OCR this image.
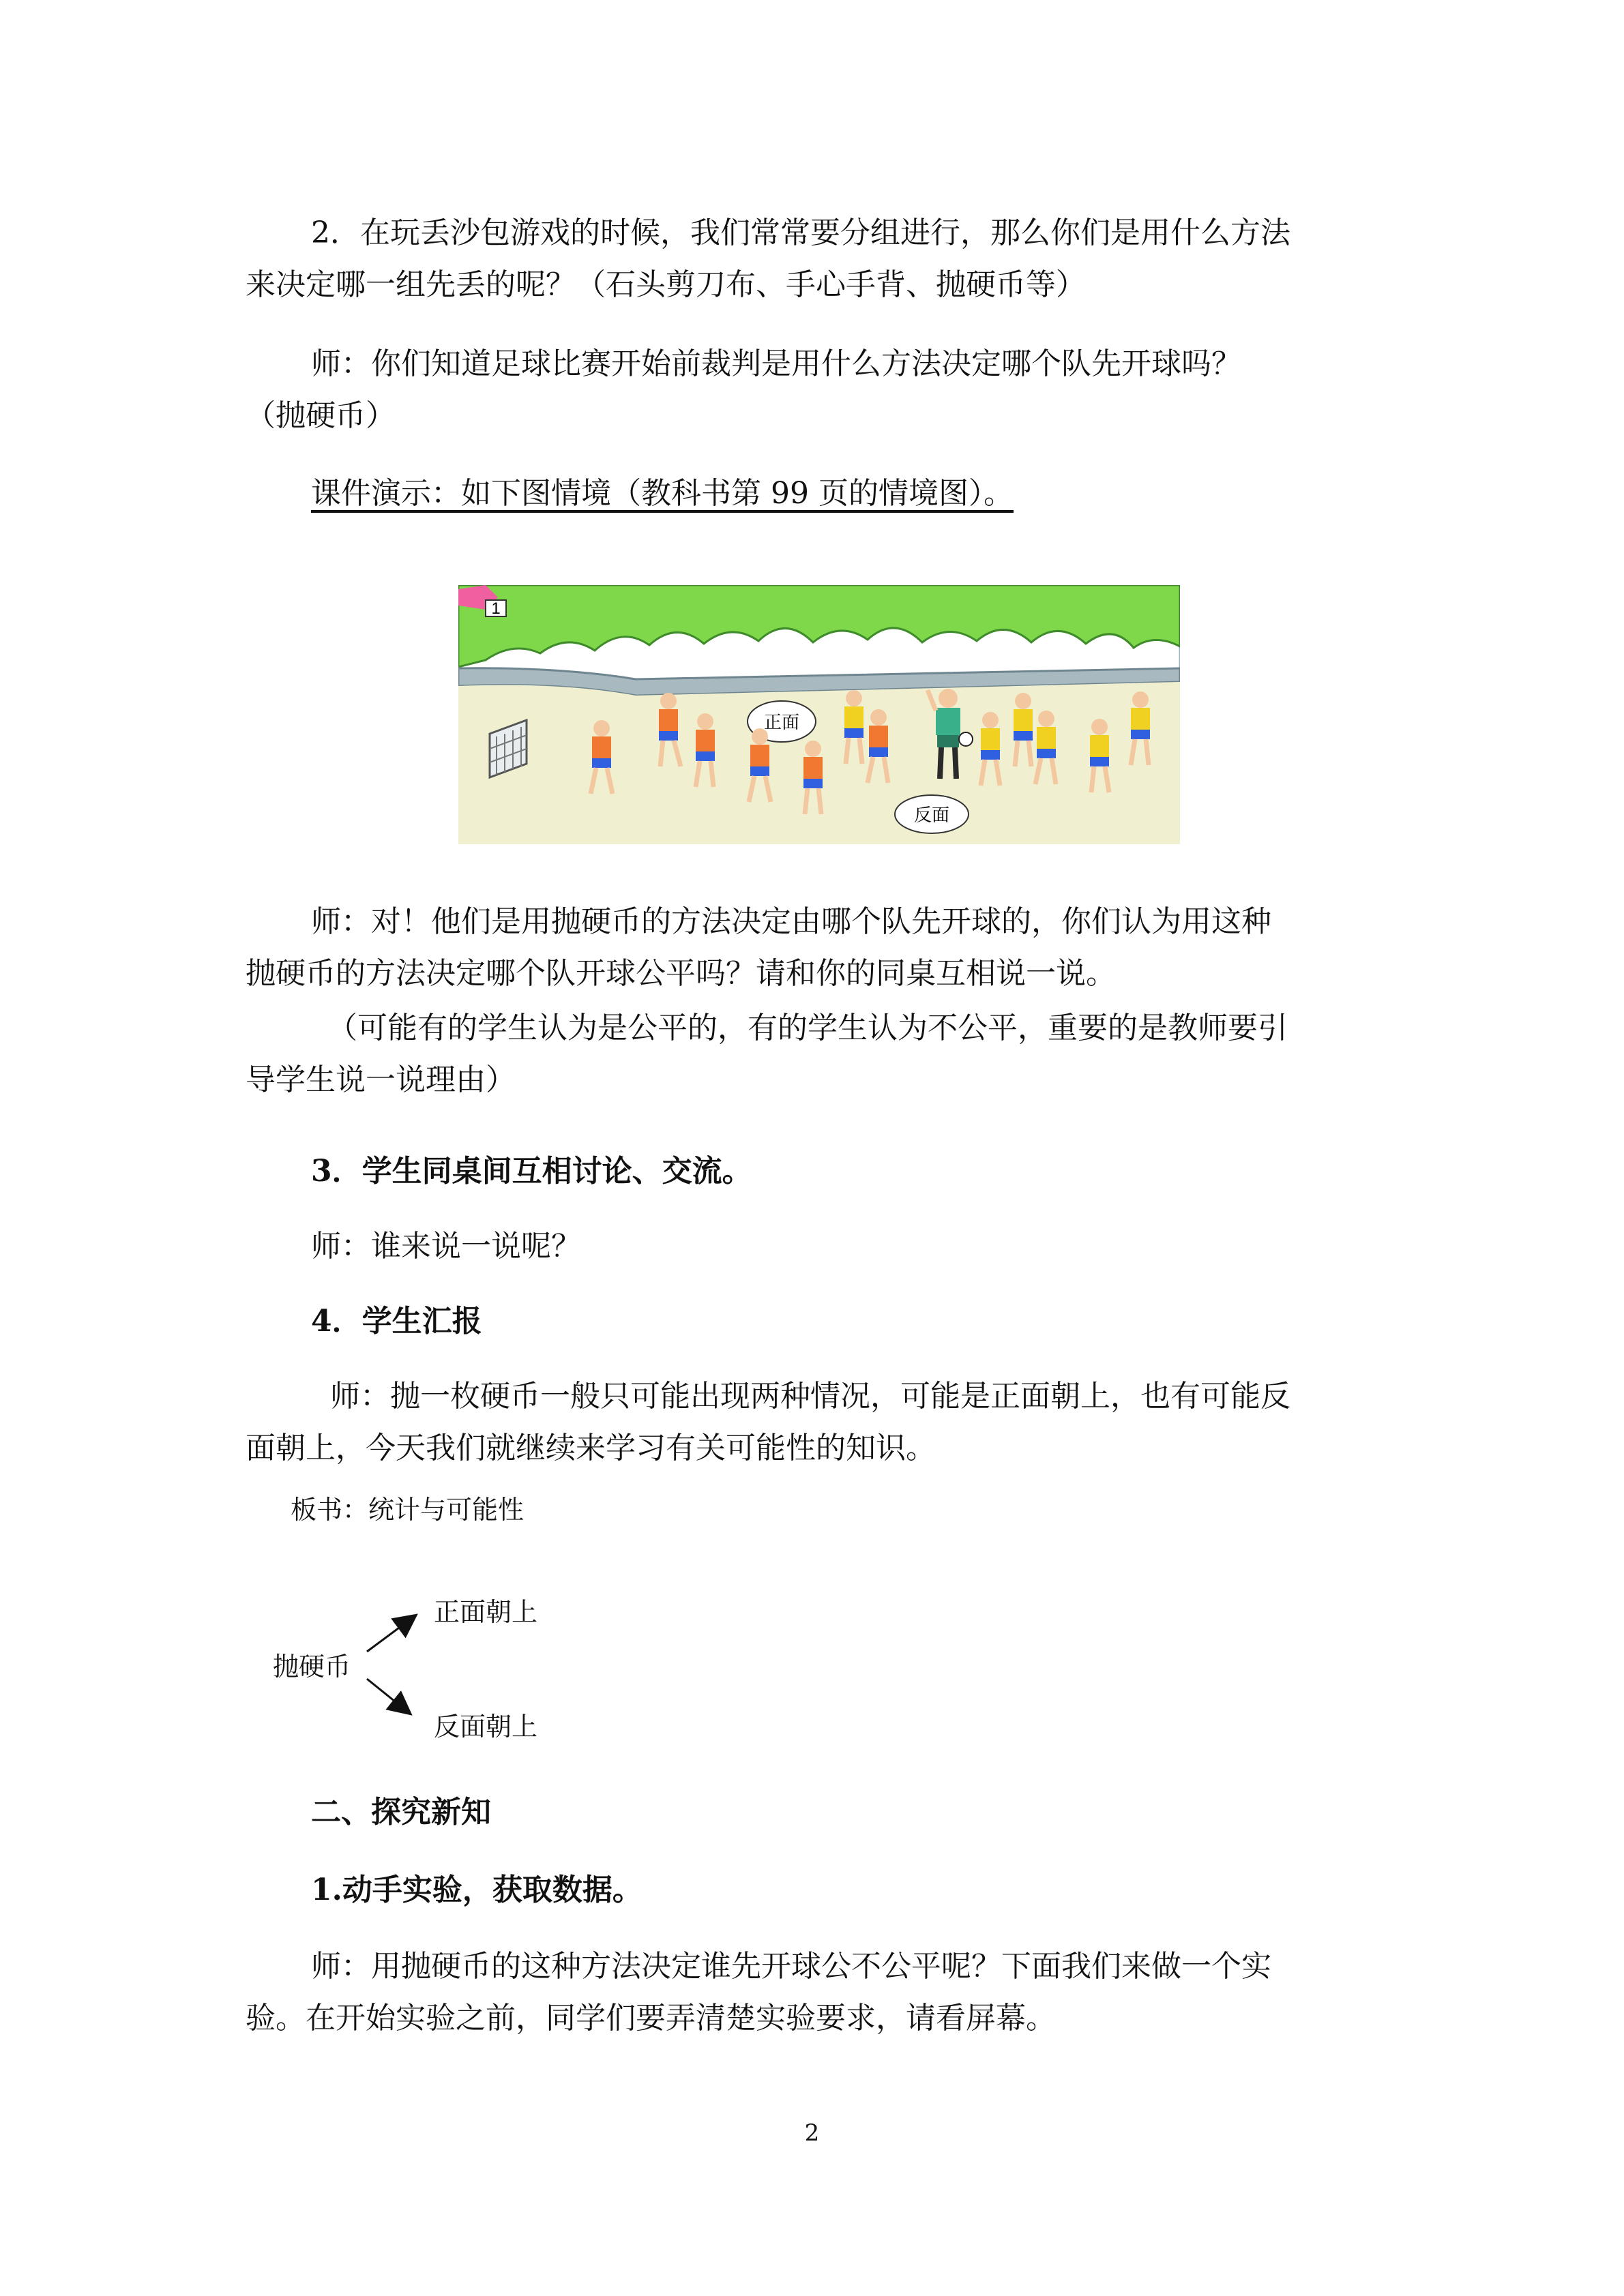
2．在玩丢沙包游戏的时候，我们常常要分组进行，那么你们是用什么方法

来决定哪一组先丢的呢？（石头剪刀布、手心手背、抛硬币等）

师：你们知道足球比赛开始前裁判是用什么方法决定哪个队先开球吗？

（抛硬币）

课件演示：如下图情境（教科书第 99 页的情境图）。

1
正面
反面

师：对！他们是用抛硬币的方法决定由哪个队先开球的，你们认为用这种

抛硬币的方法决定哪个队开球公平吗？请和你的同桌互相说一说。

（可能有的学生认为是公平的，有的学生认为不公平，重要的是教师要引

导学生说一说理由）

3．学生同桌间互相讨论、交流。

师：谁来说一说呢？

4．学生汇报

师：抛一枚硬币一般只可能出现两种情况，可能是正面朝上，也有可能反

面朝上，今天我们就继续来学习有关可能性的知识。

板书：统计与可能性

抛硬币
正面朝上
反面朝上

二、探究新知

1.动手实验，获取数据。

师：用抛硬币的这种方法决定谁先开球公不公平呢？下面我们来做一个实

验。在开始实验之前，同学们要弄清楚实验要求，请看屏幕。

2
